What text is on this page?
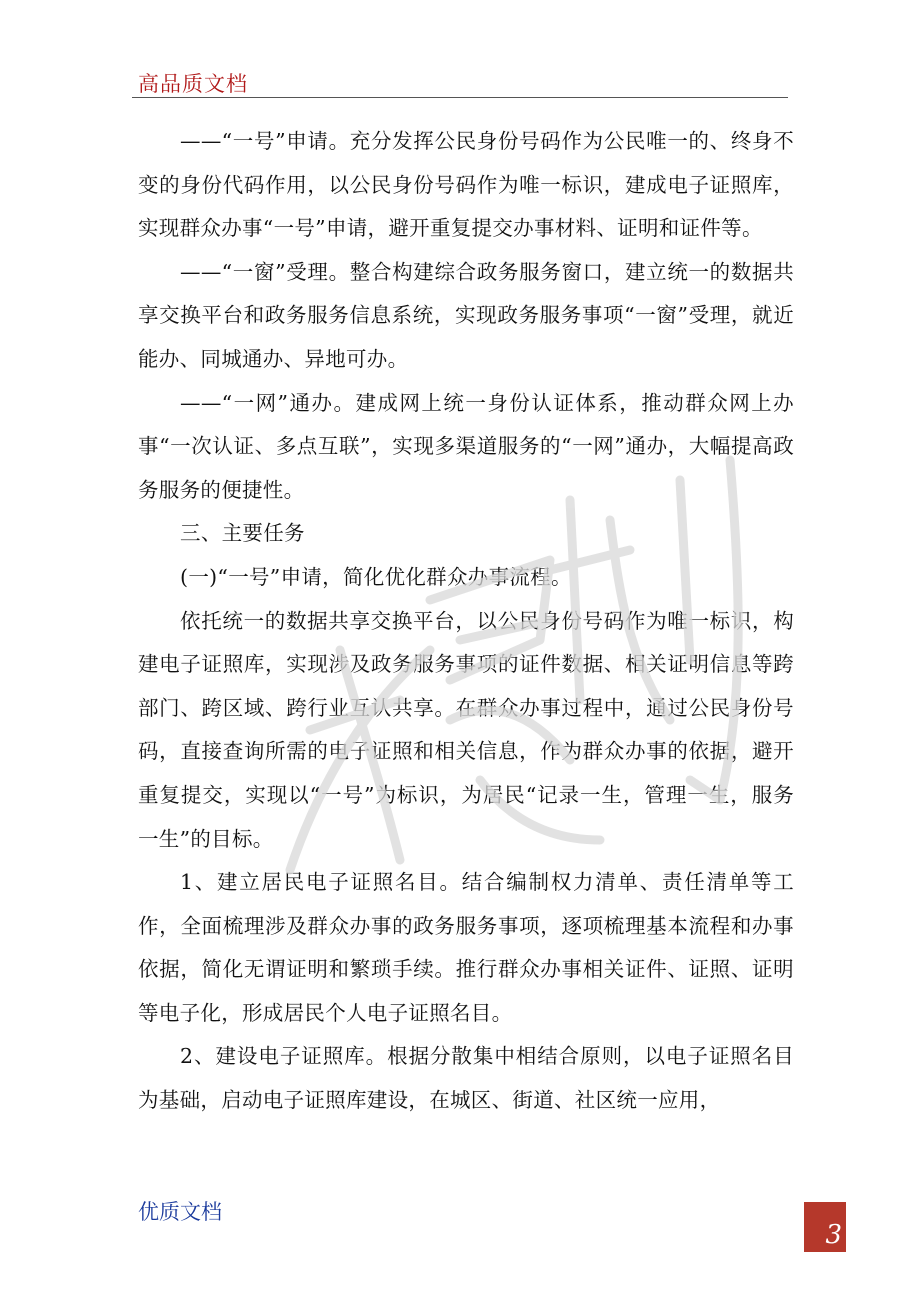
高品质文档

——“一号”申请。充分发挥公民身份号码作为公民唯一的、终身不变的身份代码作用，以公民身份号码作为唯一标识，建成电子证照库，实现群众办事“一号”申请，避开重复提交办事材料、证明和证件等。

——“一窗”受理。整合构建综合政务服务窗口，建立统一的数据共享交换平台和政务服务信息系统，实现政务服务事项“一窗”受理，就近能办、同城通办、异地可办。

——“一网”通办。建成网上统一身份认证体系，推动群众网上办事“一次认证、多点互联”，实现多渠道服务的“一网”通办，大幅提高政务服务的便捷性。

三、主要任务

(一)“一号”申请，简化优化群众办事流程。

依托统一的数据共享交换平台，以公民身份号码作为唯一标识，构建电子证照库，实现涉及政务服务事项的证件数据、相关证明信息等跨部门、跨区域、跨行业互认共享。在群众办事过程中，通过公民身份号码，直接查询所需的电子证照和相关信息，作为群众办事的依据，避开重复提交，实现以“一号”为标识，为居民“记录一生，管理一生，服务一生”的目标。

1、建立居民电子证照名目。结合编制权力清单、责任清单等工作，全面梳理涉及群众办事的政务服务事项，逐项梳理基本流程和办事依据，简化无谓证明和繁琐手续。推行群众办事相关证件、证照、证明等电子化，形成居民个人电子证照名目。

2、建设电子证照库。根据分散集中相结合原则，以电子证照名目为基础，启动电子证照库建设，在城区、街道、社区统一应用，

优质文档
3
